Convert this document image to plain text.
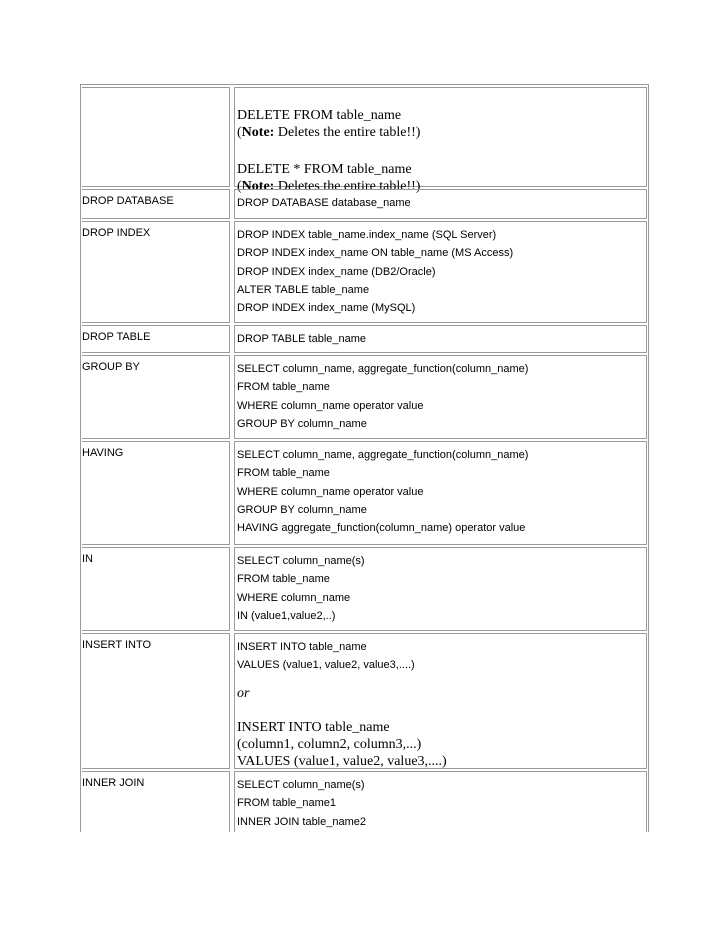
DELETE FROM table_name
(Note: Deletes the entire table!!)
DELETE * FROM table_name
(Note: Deletes the entire table!!)
DROP DATABASE	DROP DATABASE database_name
DROP INDEX	DROP INDEX table_name.index_name (SQL Server)
DROP INDEX index_name ON table_name (MS Access)
DROP INDEX index_name (DB2/Oracle)
ALTER TABLE table_name
DROP INDEX index_name (MySQL)
DROP TABLE	DROP TABLE table_name
GROUP BY	SELECT column_name, aggregate_function(column_name)
FROM table_name
WHERE column_name operator value
GROUP BY column_name
HAVING	SELECT column_name, aggregate_function(column_name)
FROM table_name
WHERE column_name operator value
GROUP BY column_name
HAVING aggregate_function(column_name) operator value
IN	SELECT column_name(s)
FROM table_name
WHERE column_name
IN (value1,value2,..)
INSERT INTO	INSERT INTO table_name
VALUES (value1, value2, value3,....)
or
INSERT INTO table_name
(column1, column2, column3,...)
VALUES (value1, value2, value3,....)
INNER JOIN	SELECT column_name(s)
FROM table_name1
INNER JOIN table_name2
